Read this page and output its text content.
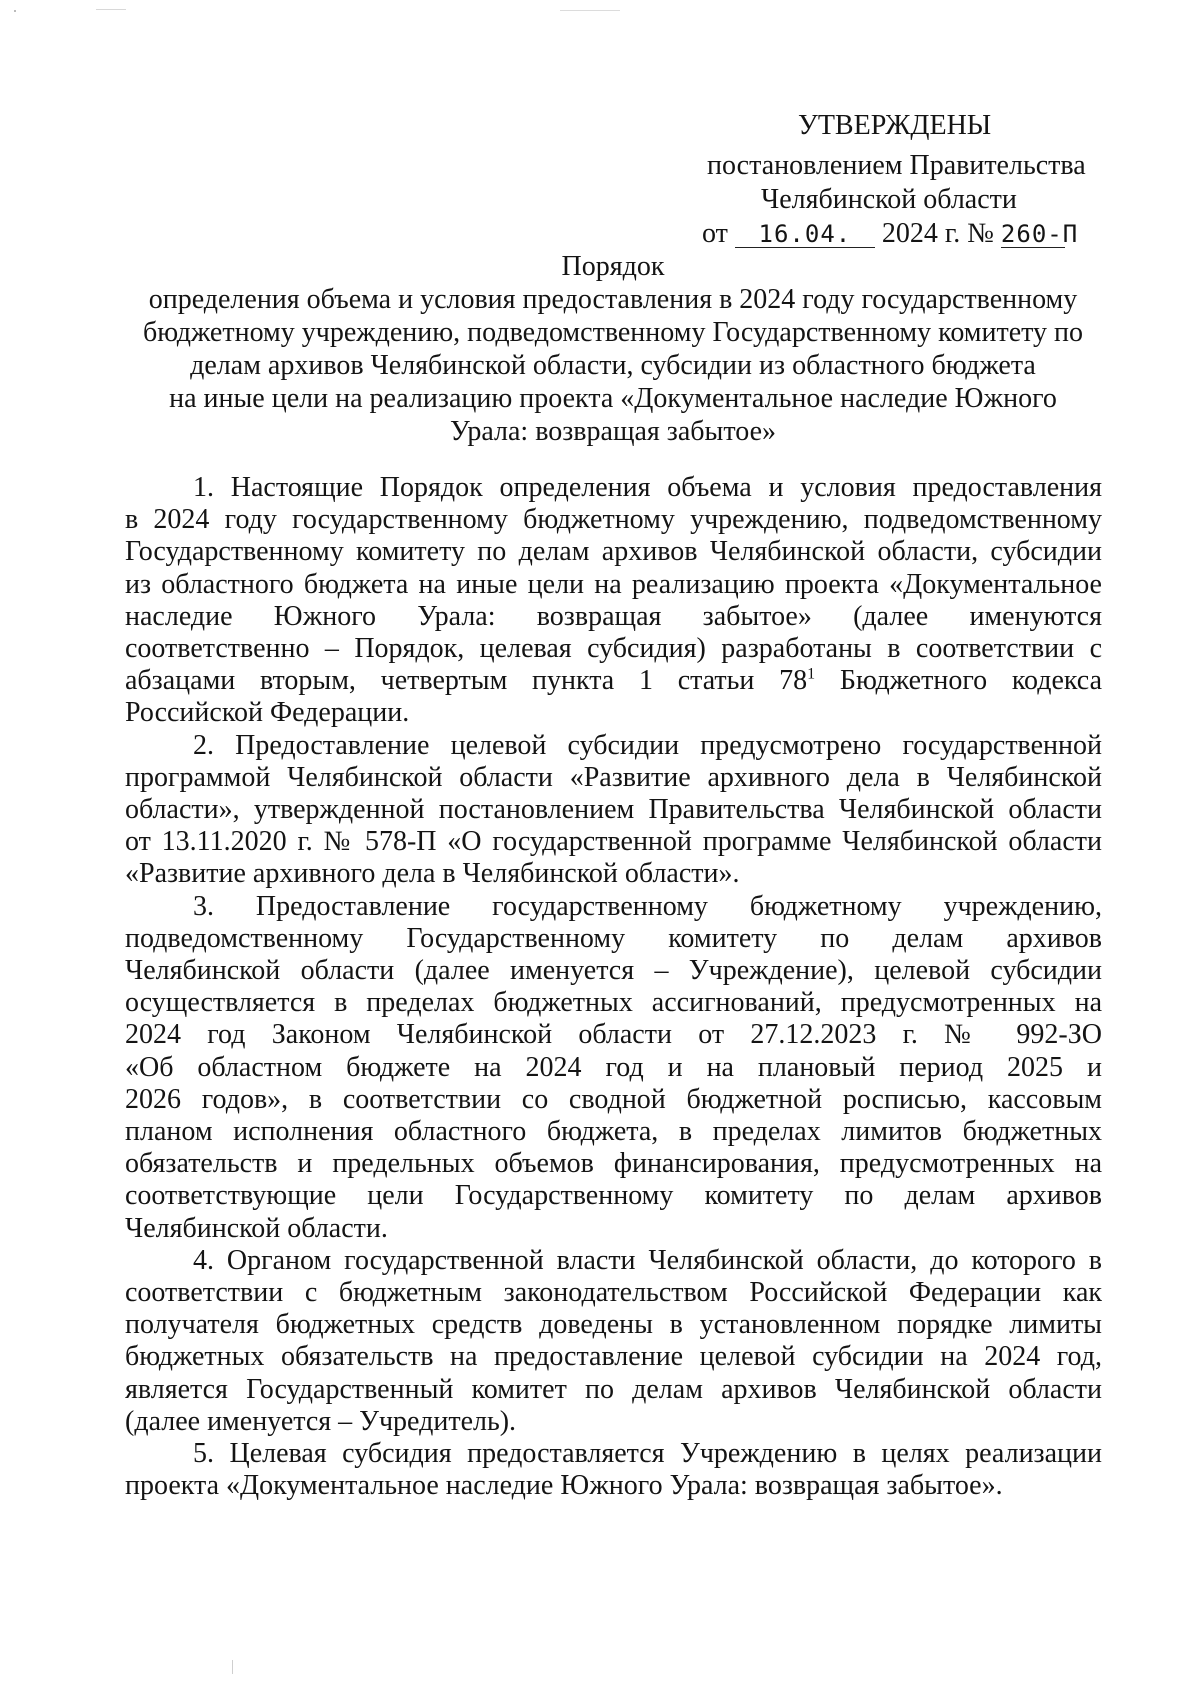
УТВЕРЖДЕНЫ
постановлением Правительства
Челябинской области
от 16.04. 2024 г. № 260-П
Порядок
определения объема и условия предоставления в 2024 году государственному
бюджетному учреждению, подведомственному Государственному комитету по
делам архивов Челябинской области, субсидии из областного бюджета
на иные цели на реализацию проекта «Документальное наследие Южного
Урала: возвращая забытое»

1. Настоящие Порядок определения объема и условия предоставления
в 2024 году государственному бюджетному учреждению, подведомственному
Государственному комитету по делам архивов Челябинской области, субсидии
из областного бюджета на иные цели на реализацию проекта «Документальное
наследие Южного Урала: возвращая забытое» (далее именуются
соответственно – Порядок, целевая субсидия) разработаны в соответствии с
абзацами вторым, четвертым пункта 1 статьи $78^1$ Бюджетного кодекса
Российской Федерации.

2. Предоставление целевой субсидии предусмотрено государственной
программой Челябинской области «Развитие архивного дела в Челябинской
области», утвержденной постановлением Правительства Челябинской области
от 13.11.2020 г. № 578-П «О государственной программе Челябинской области
«Развитие архивного дела в Челябинской области».

3. Предоставление государственному бюджетному учреждению,
подведомственному Государственному комитету по делам архивов
Челябинской области (далее именуется – Учреждение), целевой субсидии
осуществляется в пределах бюджетных ассигнований, предусмотренных на
2024 год Законом Челябинской области от 27.12.2023 г. № 992-ЗО
«Об областном бюджете на 2024 год и на плановый период 2025 и
2026 годов», в соответствии со сводной бюджетной росписью, кассовым
планом исполнения областного бюджета, в пределах лимитов бюджетных
обязательств и предельных объемов финансирования, предусмотренных на
соответствующие цели Государственному комитету по делам архивов
Челябинской области.

4. Органом государственной власти Челябинской области, до которого в
соответствии с бюджетным законодательством Российской Федерации как
получателя бюджетных средств доведены в установленном порядке лимиты
бюджетных обязательств на предоставление целевой субсидии на 2024 год,
является Государственный комитет по делам архивов Челябинской области
(далее именуется – Учредитель).

5. Целевая субсидия предоставляется Учреждению в целях реализации
проекта «Документальное наследие Южного Урала: возвращая забытое».
